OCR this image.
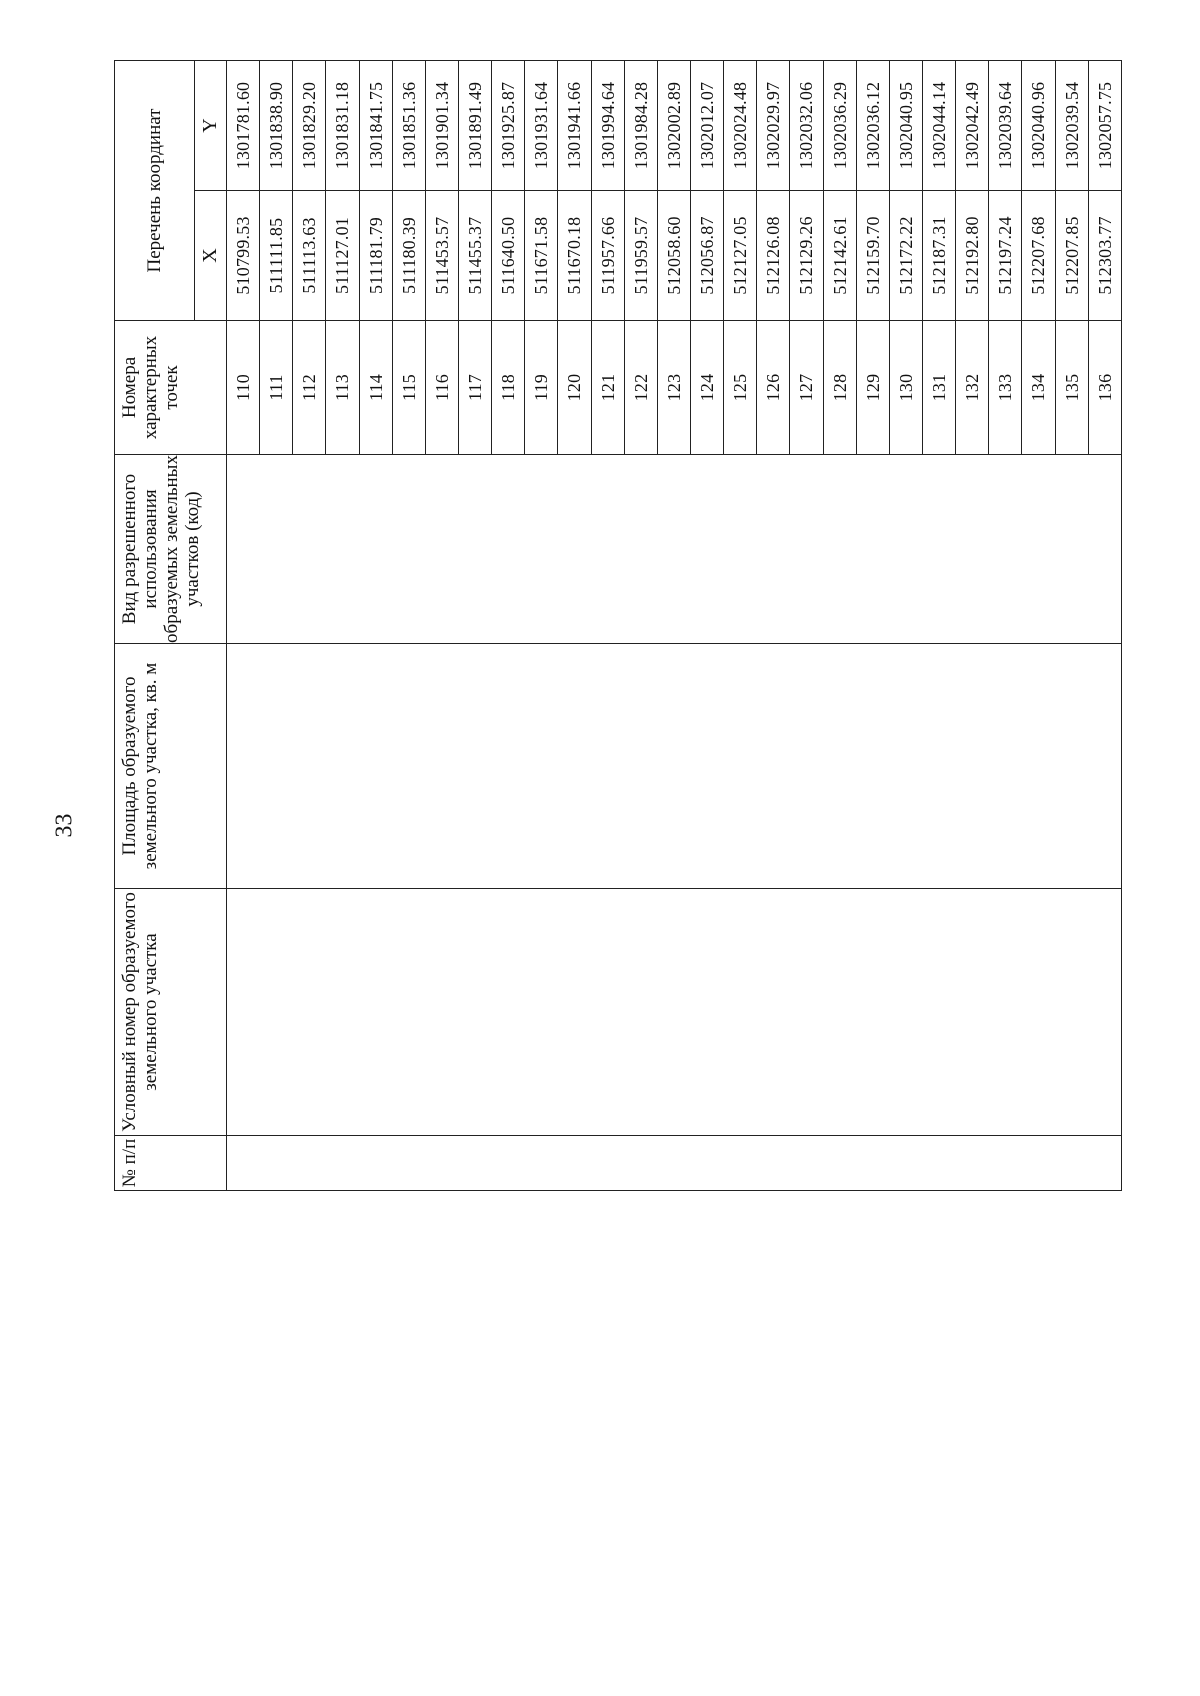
33
№ п/п	Условный номер образуемого земельного участка	Площадь образуемого земельного участка, кв. м	Вид разрешенного использования образуемых земельных участков (код)	Номера характерных точек	Перечень координат	
					X	Y
				110	510799.53	1301781.60
				111	511111.85	1301838.90
				112	511113.63	1301829.20
				113	511127.01	1301831.18
				114	511181.79	1301841.75
				115	511180.39	1301851.36
				116	511453.57	1301901.34
				117	511455.37	1301891.49
				118	511640.50	1301925.87
				119	511671.58	1301931.64
				120	511670.18	1301941.66
				121	511957.66	1301994.64
				122	511959.57	1301984.28
				123	512058.60	1302002.89
				124	512056.87	1302012.07
				125	512127.05	1302024.48
				126	512126.08	1302029.97
				127	512129.26	1302032.06
				128	512142.61	1302036.29
				129	512159.70	1302036.12
				130	512172.22	1302040.95
				131	512187.31	1302044.14
				132	512192.80	1302042.49
				133	512197.24	1302039.64
				134	512207.68	1302040.96
				135	512207.85	1302039.54
				136	512303.77	1302057.75
